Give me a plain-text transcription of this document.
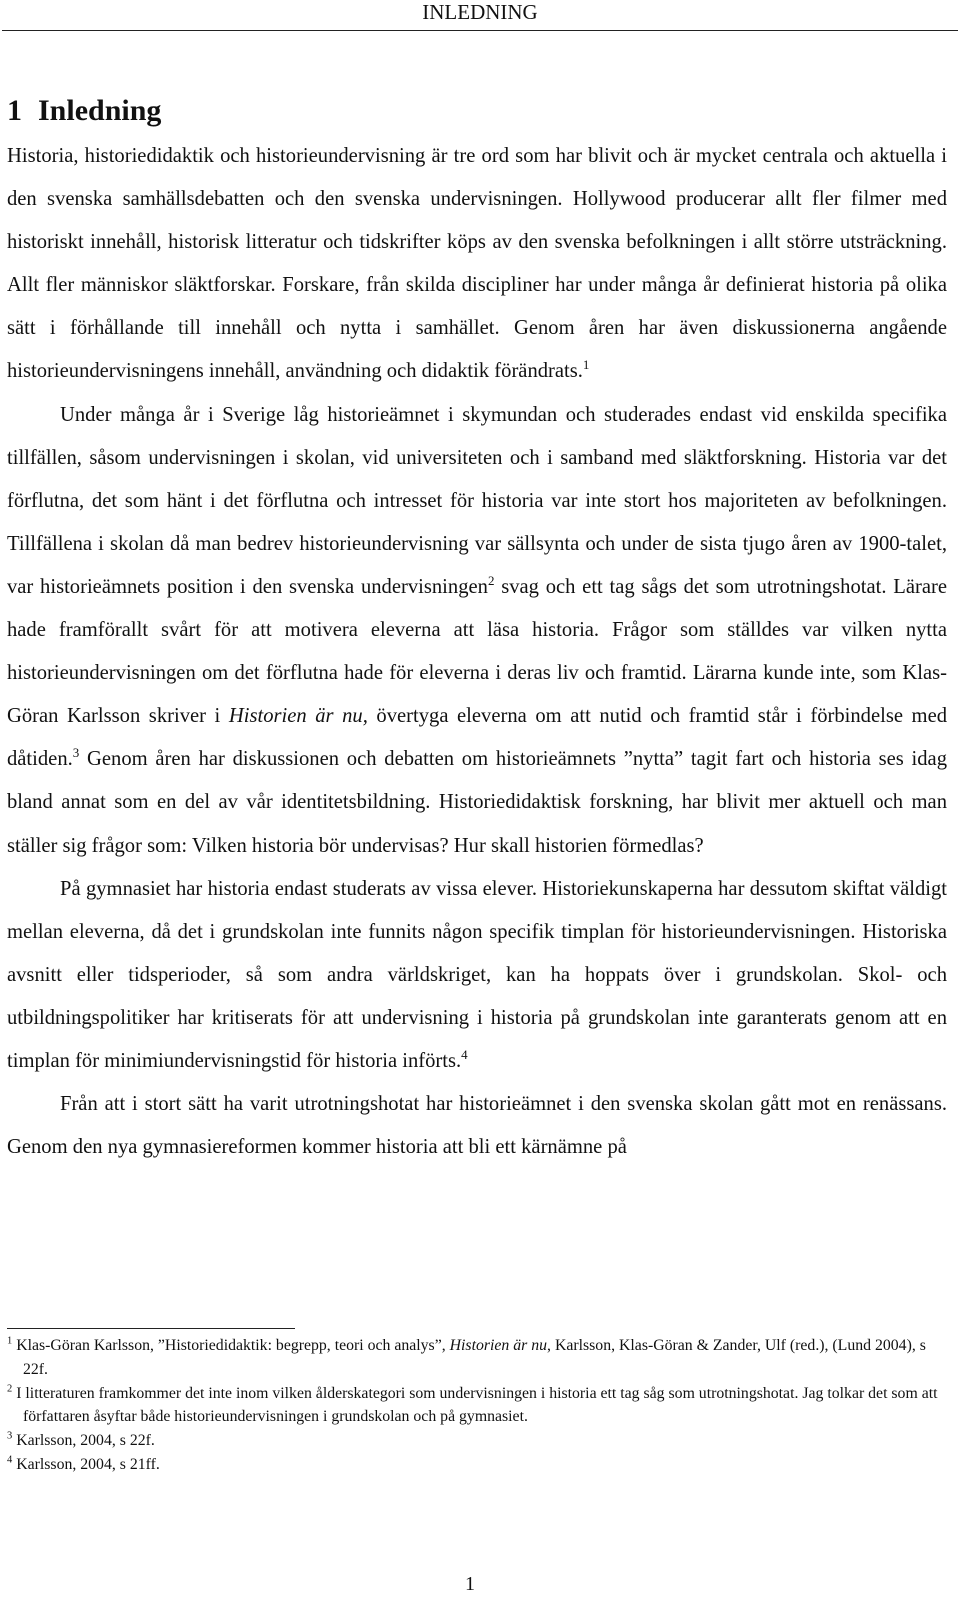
INLEDNING
1 Inledning

Historia, historiedidaktik och historieundervisning är tre ord som har blivit och är mycket centrala och aktuella i den svenska samhällsdebatten och den svenska undervisningen. Hollywood producerar allt fler filmer med historiskt innehåll, historisk litteratur och tidskrifter köps av den svenska befolkningen i allt större utsträckning. Allt fler människor släktforskar. Forskare, från skilda discipliner har under många år definierat historia på olika sätt i förhållande till innehåll och nytta i samhället. Genom åren har även diskussionerna angående historieundervisningens innehåll, användning och didaktik förändrats.$^1$

Under många år i Sverige låg historieämnet i skymundan och studerades endast vid enskilda specifika tillfällen, såsom undervisningen i skolan, vid universiteten och i samband med släktforskning. Historia var det förflutna, det som hänt i det förflutna och intresset för historia var inte stort hos majoriteten av befolkningen. Tillfällena i skolan då man bedrev historieundervisning var sällsynta och under de sista tjugo åren av 1900-talet, var historieämnets position i den svenska undervisningen$^2$ svag och ett tag sågs det som utrotningshotat. Lärare hade framförallt svårt för att motivera eleverna att läsa historia. Frågor som ställdes var vilken nytta historieundervisningen om det förflutna hade för eleverna i deras liv och framtid. Lärarna kunde inte, som Klas- Göran Karlsson skriver i Historien är nu, övertyga eleverna om att nutid och framtid står i förbindelse med dåtiden.$^3$ Genom åren har diskussionen och debatten om historieämnets ”nytta” tagit fart och historia ses idag bland annat som en del av vår identitetsbildning. Historiedidaktisk forskning, har blivit mer aktuell och man ställer sig frågor som: Vilken historia bör undervisas? Hur skall historien förmedlas?

På gymnasiet har historia endast studerats av vissa elever. Historiekunskaperna har dessutom skiftat väldigt mellan eleverna, då det i grundskolan inte funnits någon specifik timplan för historieundervisningen. Historiska avsnitt eller tidsperioder, så som andra världskriget, kan ha hoppats över i grundskolan. Skol- och utbildningspolitiker har kritiserats för att undervisning i historia på grundskolan inte garanterats genom att en timplan för minimiundervisningstid för historia införts.$^4$

Från att i stort sätt ha varit utrotningshotat har historieämnet i den svenska skolan gått mot en renässans. Genom den nya gymnasiereformen kommer historia att bli ett kärnämne på

$^1$ Klas-Göran Karlsson, ”Historiedidaktik: begrepp, teori och analys”, Historien är nu, Karlsson, Klas-Göran & Zander, Ulf (red.), (Lund 2004), s 22f.

$^2$ I litteraturen framkommer det inte inom vilken ålderskategori som undervisningen i historia ett tag såg som utrotningshotat. Jag tolkar det som att författaren åsyftar både historieundervisningen i grundskolan och på gymnasiet.

$^3$ Karlsson, 2004, s 22f.

$^4$ Karlsson, 2004, s 21ff.

1
